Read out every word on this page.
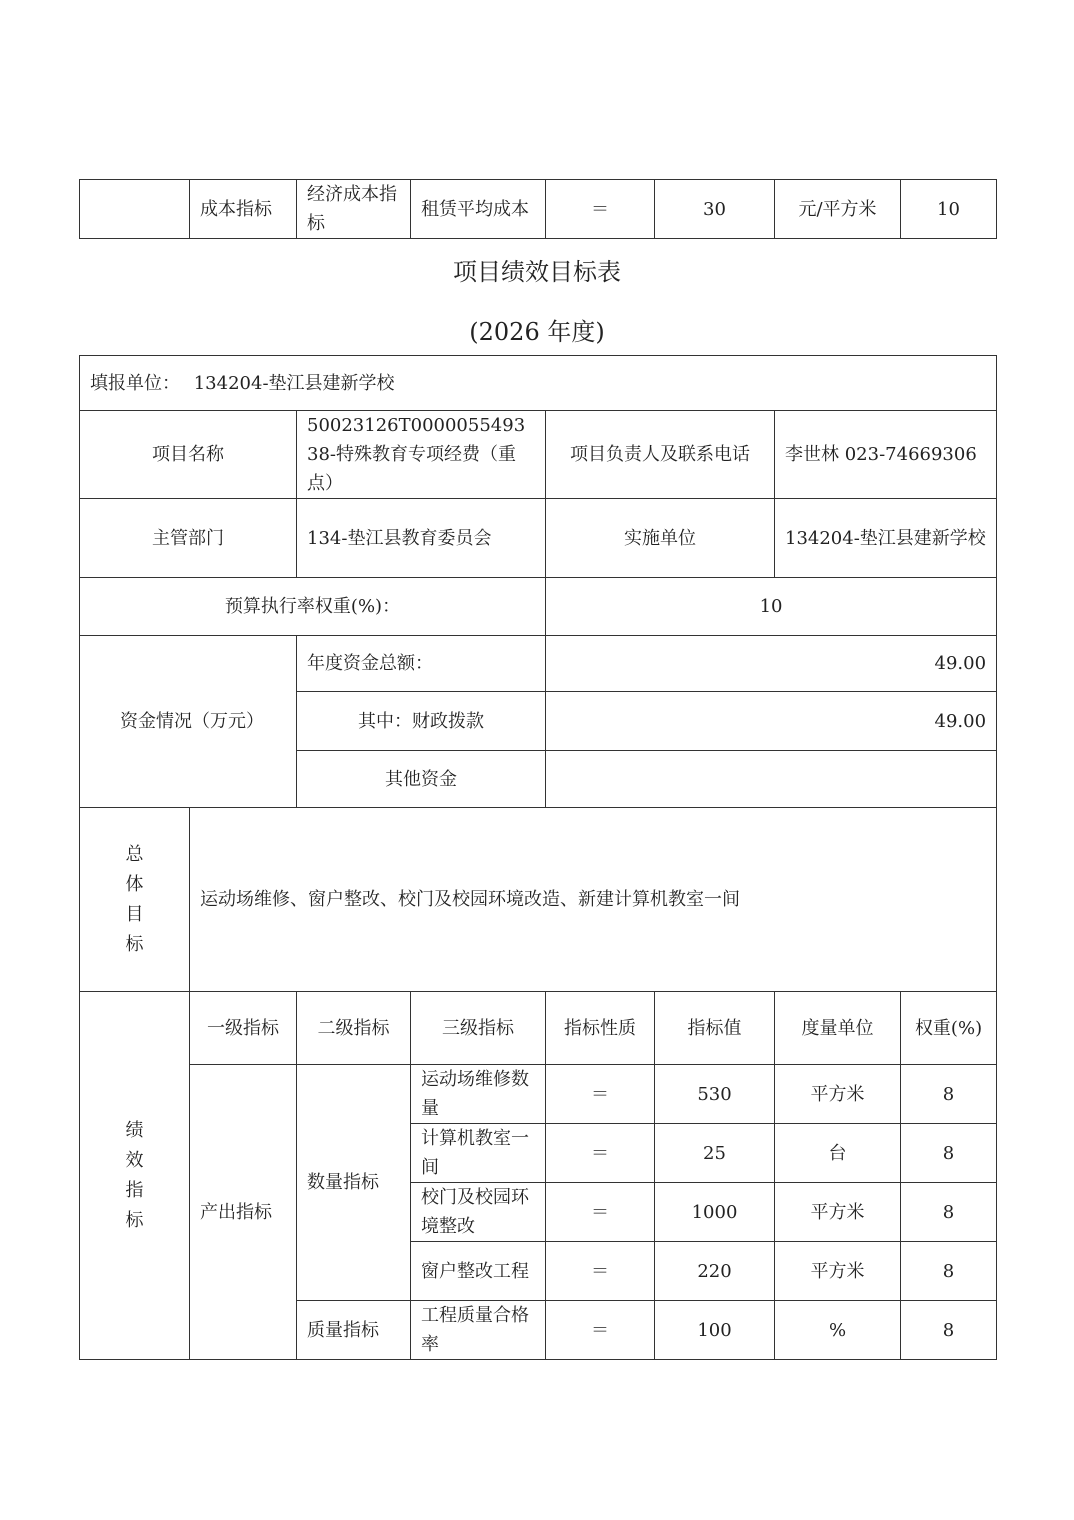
	成本指标	经济成本指标	租赁平均成本	＝	30	元/平方米	10
项目绩效目标表
(2026 年度)
填报单位： 134204-垫江县建新学校							
项目名称		50023126T000005549338-特殊教育专项经费（重点）		项目负责人及联系电话		李世林 023-74669306	
主管部门		134-垫江县教育委员会		实施单位		134204-垫江县建新学校	
预算执行率权重(%)：				10			
资金情况（万元）		年度资金总额：		49.00			
		其中：财政拨款		49.00			
		其他资金					
总体目标	运动场维修、窗户整改、校门及校园环境改造、新建计算机教室一间						
绩效指标	一级指标	二级指标	三级指标	指标性质	指标值	度量单位	权重(%)
	产出指标	数量指标	运动场维修数量	＝	530	平方米	8
			计算机教室一间	＝	25	台	8
			校门及校园环境整改	＝	1000	平方米	8
			窗户整改工程	＝	220	平方米	8
		质量指标	工程质量合格率	＝	100	%	8
